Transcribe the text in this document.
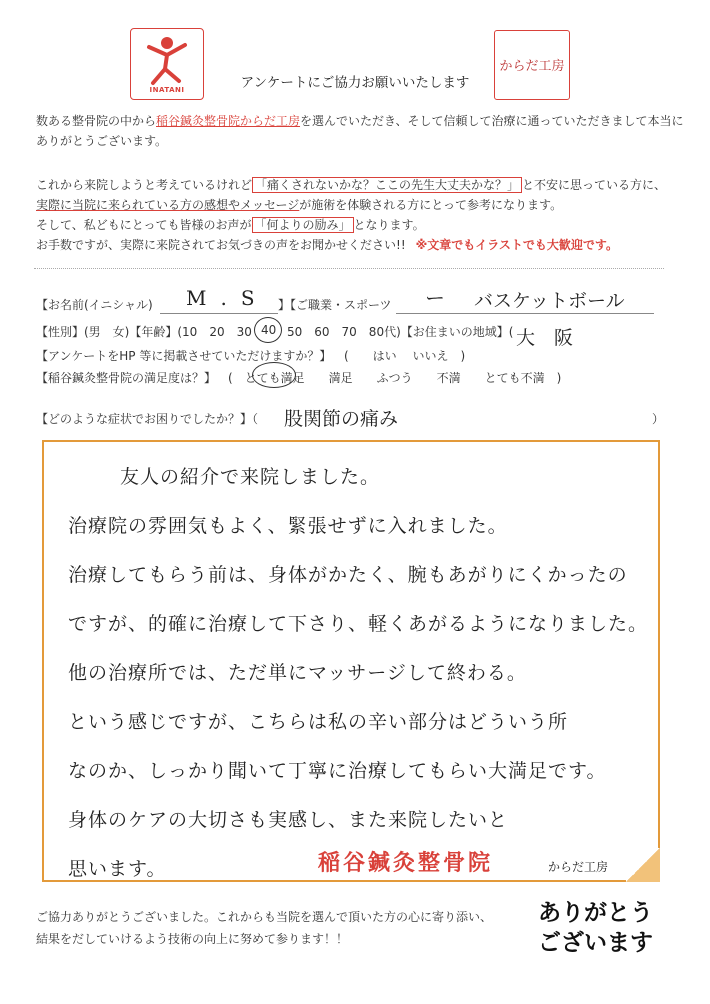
INATANI
からだ工房
アンケートにご協力お願いいたします
数ある整骨院の中から稲谷鍼灸整骨院からだ工房を選んでいただき、そして信頼して治療に通っていただきまして本当にありがとうございます。
これから来院しようと考えているけれど 「痛くされないかな？ここの先生大丈夫かな？」 と不安に思っている方に、
実際に当院に来られている方の感想やメッセージが施術を体験される方にとって参考になります。
そして、私どもにとっても皆様のお声が 「何よりの励み」 となります。
お手数ですが、実際に来院されてお気づきの声をお聞かせください!! ※文章でもイラストでも大歓迎です。
【お名前(イニシャル) M.S 】【ご職業・スポーツ ー バスケットボール
【性別】(男　女)【年齢】(10　20　30 40 50　60　70　80代)【お住まいの地域】( 大　阪
【アンケートをHP 等に掲載させていただけますか？】 (　　はい　 いいえ　)
【稲谷鍼灸整骨院の満足度は？】 (　とても満足　　満足　　ふつう　　不満　　とても不満　)
【どのような症状でお困りでしたか？】（ 股関節の痛み	）
友人の紹介で来院しました。
治療院の雰囲気もよく、緊張せずに入れました。
治療してもらう前は、身体がかたく、腕もあがりにくかったの
ですが、的確に治療して下さり、軽くあがるようになりました。
他の治療所では、ただ単にマッサージして終わる。
という感じですが、こちらは私の辛い部分はどういう所
なのか、しっかり聞いて丁寧に治療してもらい大満足です。
身体のケアの大切さも実感し、また来院したいと
思います。	稲谷鍼灸整骨院	からだ工房
ご協力ありがとうございました。これからも当院を選んで頂いた方の心に寄り添い、
結果をだしていけるよう技術の向上に努めて参ります！！
ありがとう
ございます
